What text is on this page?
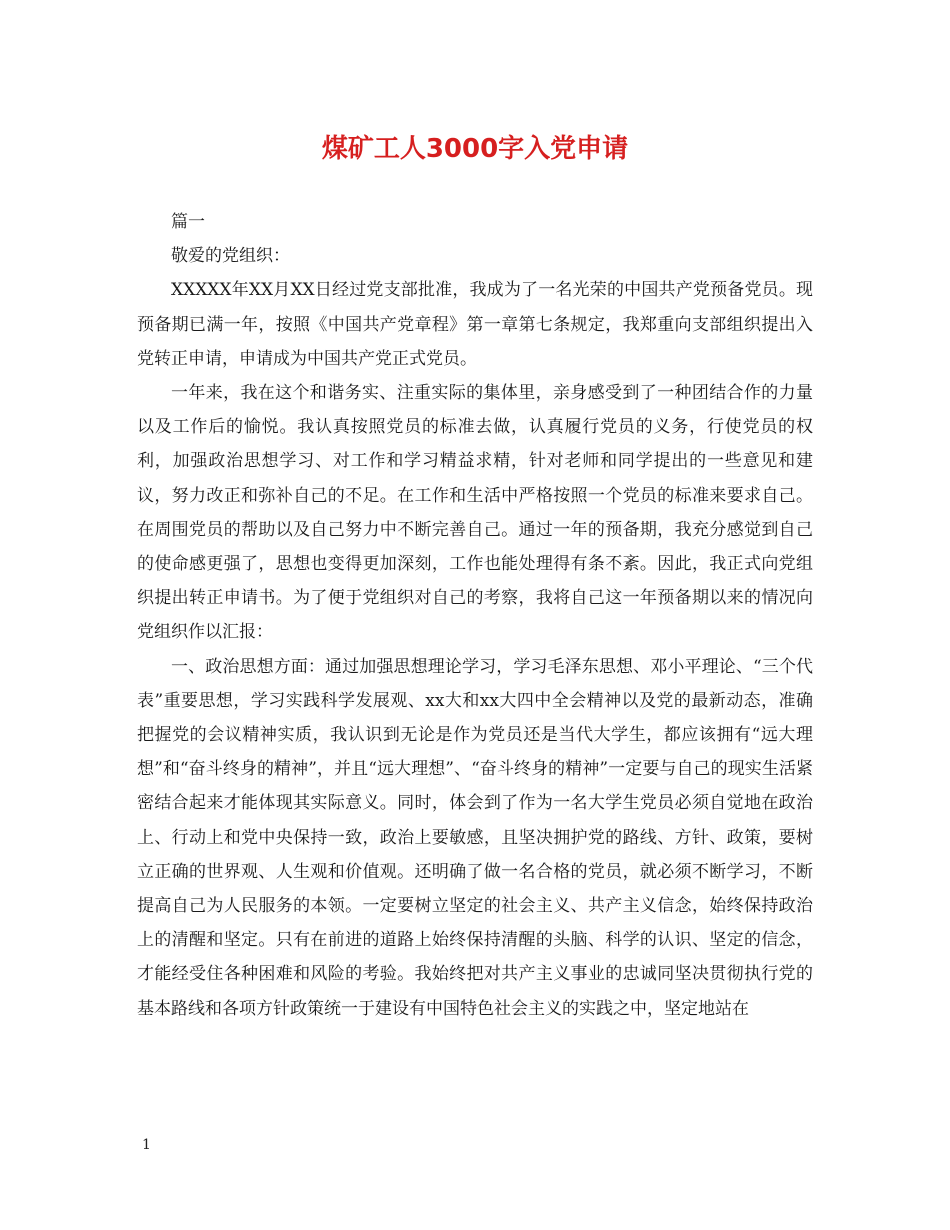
煤矿工人3000字入党申请

篇一

敬爱的党组织：

XXXXX年XX月XX日经过党支部批准，我成为了一名光荣的中国共产党预备党员。现预备期已满一年，按照《中国共产党章程》第一章第七条规定，我郑重向支部组织提出入党转正申请，申请成为中国共产党正式党员。

一年来，我在这个和谐务实、注重实际的集体里，亲身感受到了一种团结合作的力量以及工作后的愉悦。我认真按照党员的标准去做，认真履行党员的义务，行使党员的权利，加强政治思想学习、对工作和学习精益求精，针对老师和同学提出的一些意见和建议，努力改正和弥补自己的不足。在工作和生活中严格按照一个党员的标准来要求自己。在周围党员的帮助以及自己努力中不断完善自己。通过一年的预备期，我充分感觉到自己的使命感更强了，思想也变得更加深刻，工作也能处理得有条不紊。因此，我正式向党组织提出转正申请书。为了便于党组织对自己的考察，我将自己这一年预备期以来的情况向党组织作以汇报：

一、政治思想方面：通过加强思想理论学习，学习毛泽东思想、邓小平理论、“三个代表”重要思想，学习实践科学发展观、xx大和xx大四中全会精神以及党的最新动态，准确把握党的会议精神实质，我认识到无论是作为党员还是当代大学生，都应该拥有“远大理想”和“奋斗终身的精神”，并且“远大理想”、“奋斗终身的精神”一定要与自己的现实生活紧密结合起来才能体现其实际意义。同时，体会到了作为一名大学生党员必须自觉地在政治上、行动上和党中央保持一致，政治上要敏感，且坚决拥护党的路线、方针、政策，要树立正确的世界观、人生观和价值观。还明确了做一名合格的党员，就必须不断学习，不断提高自己为人民服务的本领。一定要树立坚定的社会主义、共产主义信念，始终保持政治上的清醒和坚定。只有在前进的道路上始终保持清醒的头脑、科学的认识、坚定的信念，才能经受住各种困难和风险的考验。我始终把对共产主义事业的忠诚同坚决贯彻执行党的基本路线和各项方针政策统一于建设有中国特色社会主义的实践之中，坚定地站在

1
